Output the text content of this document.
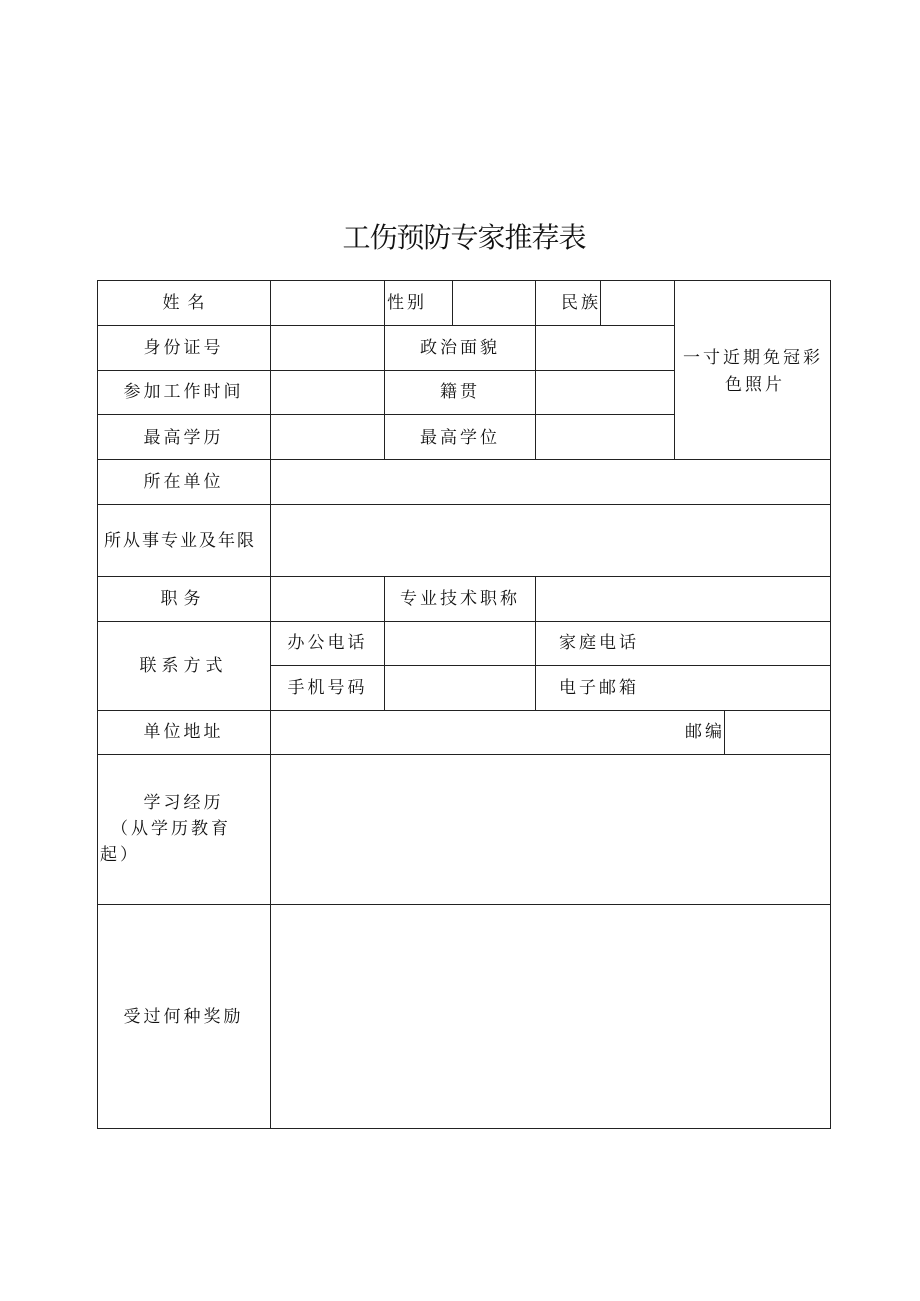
工伤预防专家推荐表
姓名	性别	民族
一寸近期免冠彩
色照片
身份证号	政治面貌
参加工作时间	籍贯
最高学历	最高学位
所在单位
所从事专业及年限
职务	专业技术职称
联系方式
办公电话	家庭电话
手机号码	电子邮箱
单位地址	邮编
学习经历
（从学历教育
起）
受过何种奖励
